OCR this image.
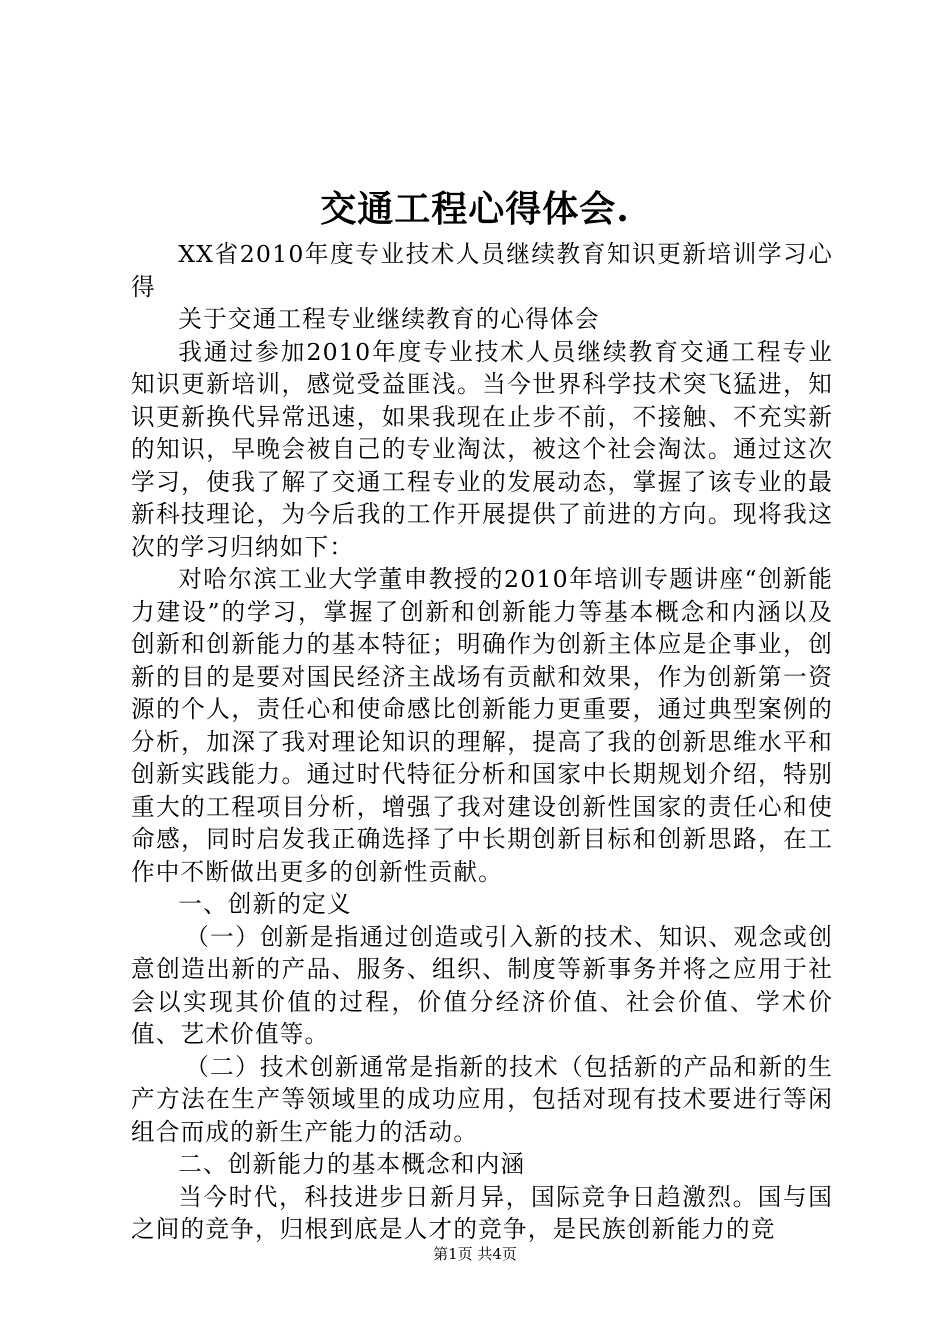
交通工程心得体会.

XX省2010年度专业技术人员继续教育知识更新培训学习心得

关于交通工程专业继续教育的心得体会

我通过参加2010年度专业技术人员继续教育交通工程专业知识更新培训，感觉受益匪浅。当今世界科学技术突飞猛进，知识更新换代异常迅速，如果我现在止步不前，不接触、不充实新的知识，早晚会被自己的专业淘汰，被这个社会淘汰。通过这次学习，使我了解了交通工程专业的发展动态，掌握了该专业的最新科技理论，为今后我的工作开展提供了前进的方向。现将我这次的学习归纳如下：

对哈尔滨工业大学董申教授的2010年培训专题讲座“创新能力建设”的学习，掌握了创新和创新能力等基本概念和内涵以及创新和创新能力的基本特征；明确作为创新主体应是企事业，创新的目的是要对国民经济主战场有贡献和效果，作为创新第一资源的个人，责任心和使命感比创新能力更重要，通过典型案例的分析，加深了我对理论知识的理解，提高了我的创新思维水平和创新实践能力。通过时代特征分析和国家中长期规划介绍，特别重大的工程项目分析，增强了我对建设创新性国家的责任心和使命感，同时启发我正确选择了中长期创新目标和创新思路，在工作中不断做出更多的创新性贡献。

一、创新的定义

（一）创新是指通过创造或引入新的技术、知识、观念或创意创造出新的产品、服务、组织、制度等新事务并将之应用于社会以实现其价值的过程，价值分经济价值、社会价值、学术价值、艺术价值等。

（二）技术创新通常是指新的技术（包括新的产品和新的生产方法在生产等领域里的成功应用，包括对现有技术要进行等闲组合而成的新生产能力的活动。

二、创新能力的基本概念和内涵

当今时代，科技进步日新月异，国际竞争日趋激烈。国与国之间的竞争，归根到底是人才的竞争，是民族创新能力的竞

第1页 共4页
